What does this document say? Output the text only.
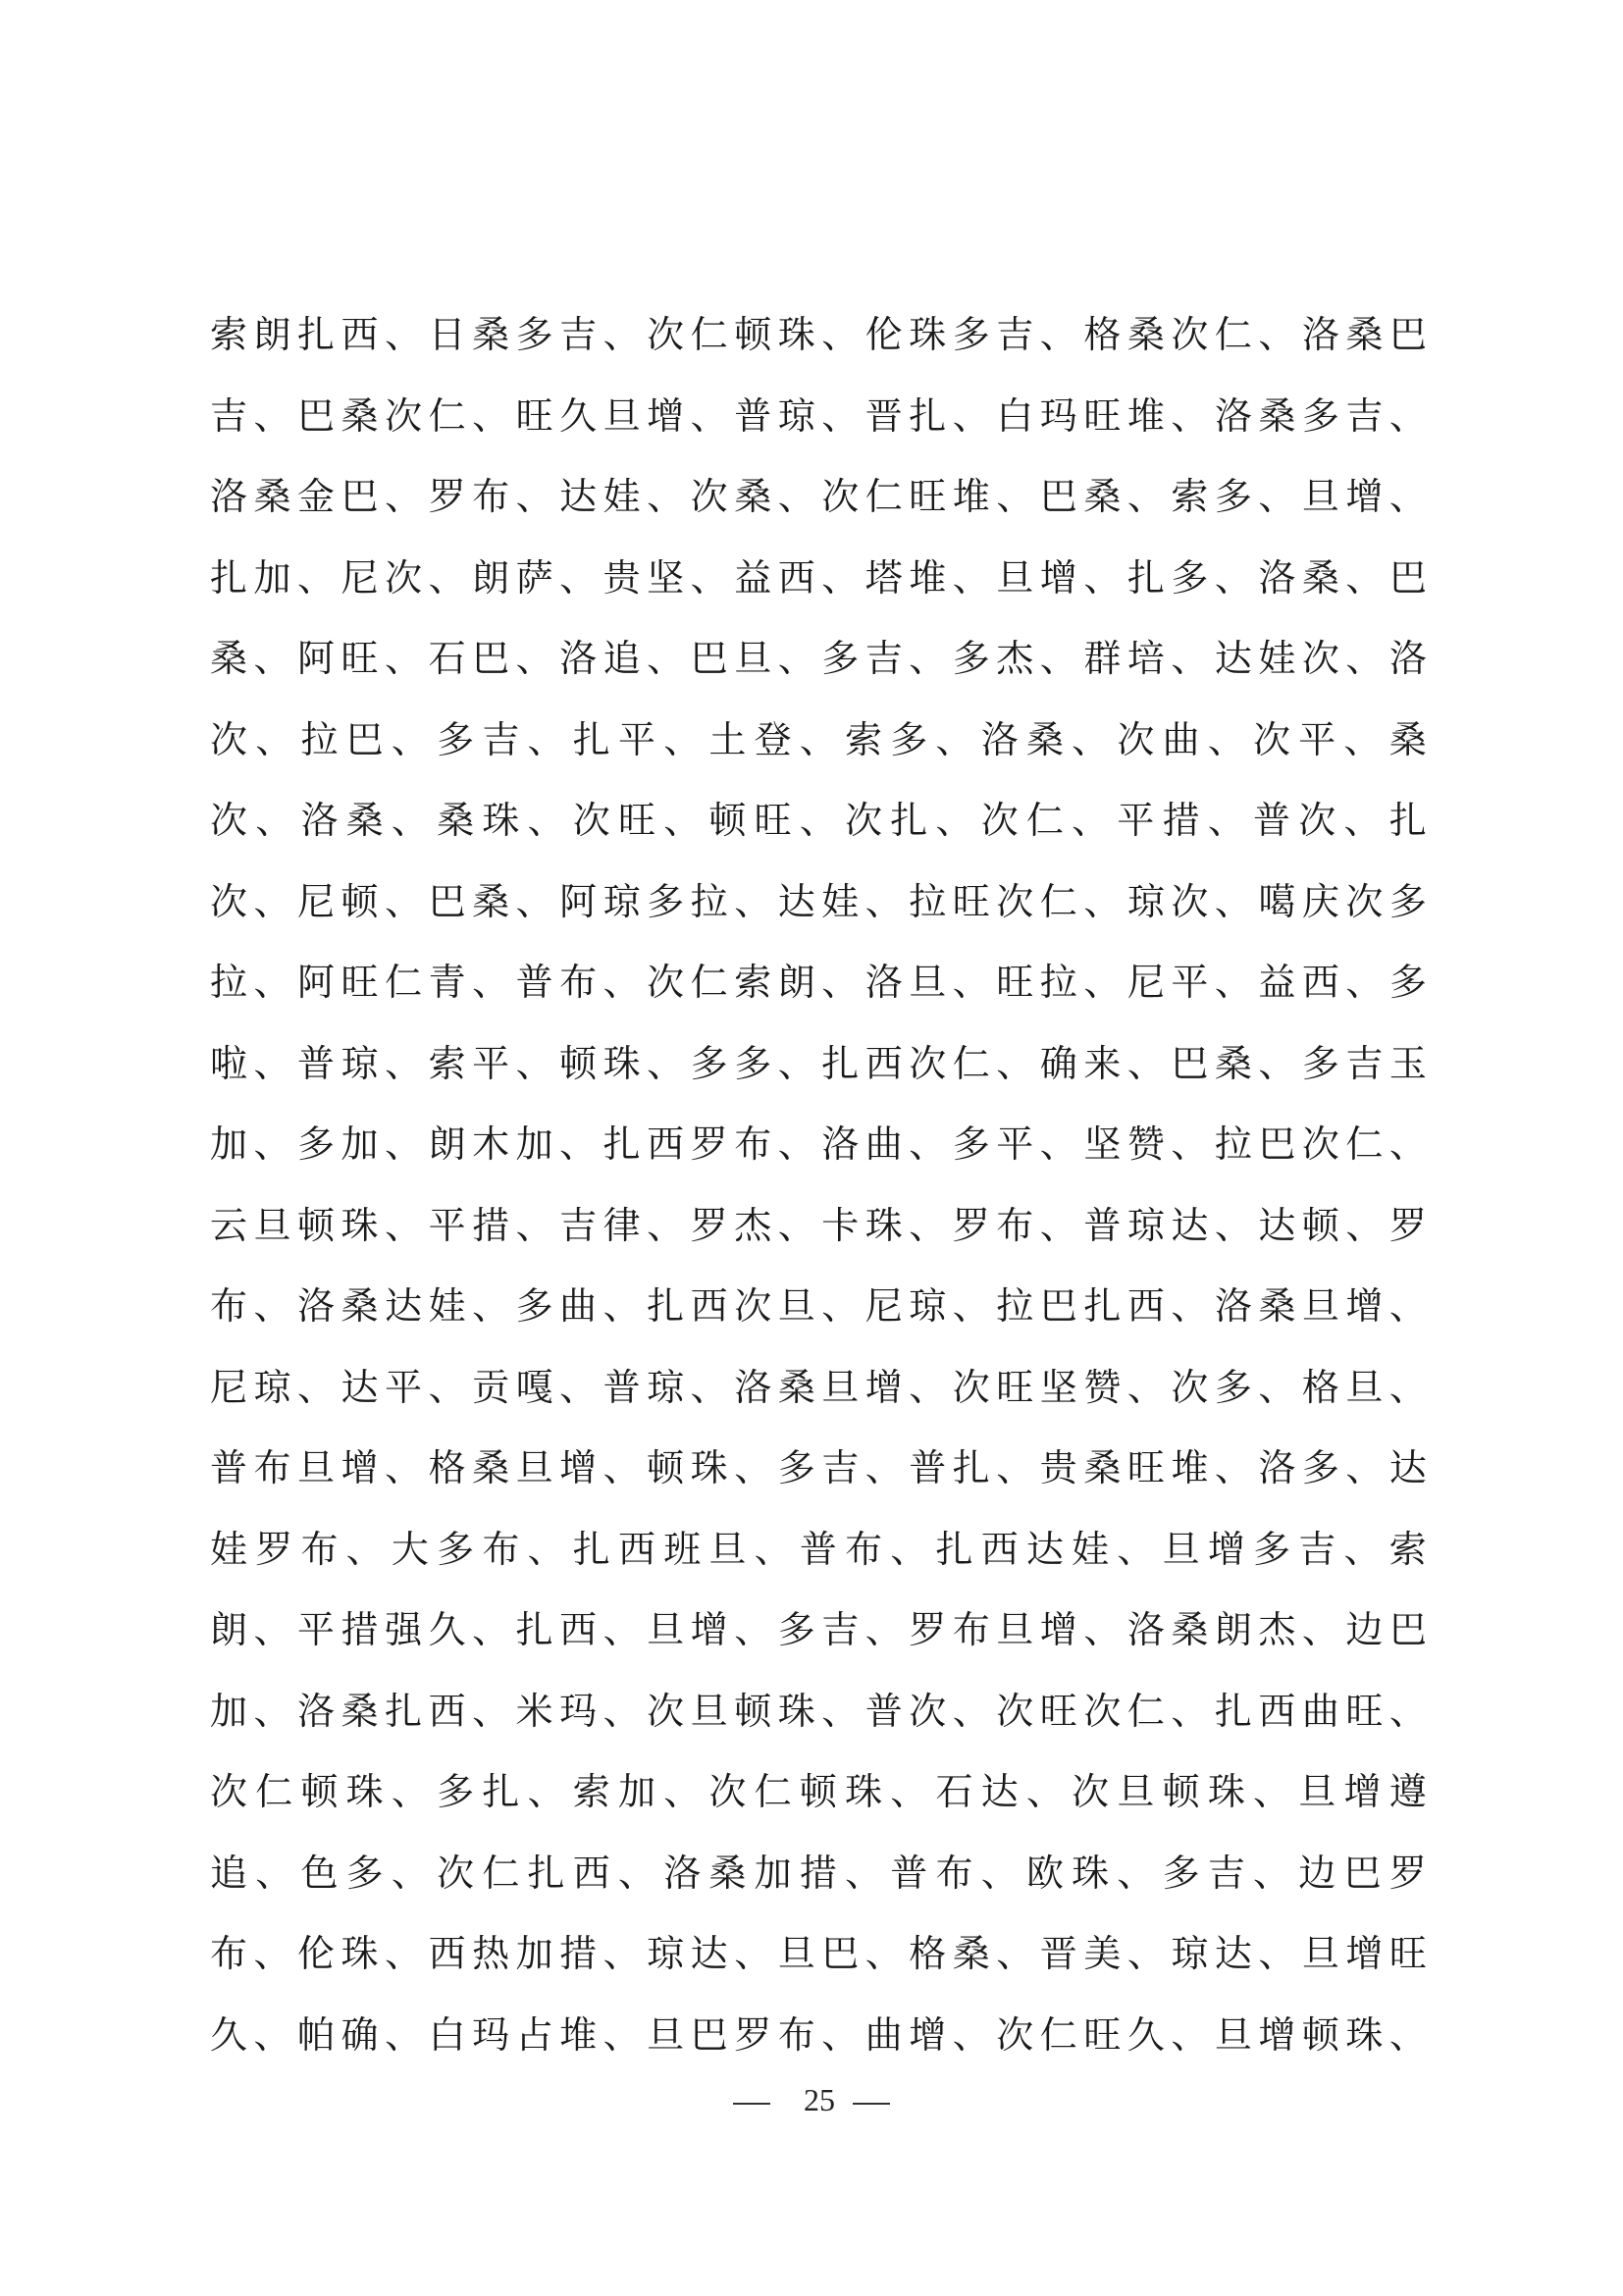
索 朗 扎 西 、 日 桑 多 吉 、 次 仁 顿 珠 、 伦 珠 多 吉 、 格 桑 次 仁 、 洛 桑 巴
吉 、 巴 桑 次 仁 、 旺 久 旦 增 、 普 琼 、 晋 扎 、 白 玛 旺 堆 、 洛 桑 多 吉 、
洛 桑 金 巴 、 罗 布 、 达 娃 、 次 桑 、 次 仁 旺 堆 、 巴 桑 、 索 多 、 旦 增 、
扎 加 、 尼 次 、 朗 萨 、 贵 坚 、 益 西 、 塔 堆 、 旦 增 、 扎 多 、 洛 桑 、 巴
桑 、 阿 旺 、 石 巴 、 洛 追 、 巴 旦 、 多 吉 、 多 杰 、 群 培 、 达 娃 次 、 洛
次 、 拉 巴 、 多 吉 、 扎 平 、 土 登 、 索 多 、 洛 桑 、 次 曲 、 次 平 、 桑
次 、 洛 桑 、 桑 珠 、 次 旺 、 顿 旺 、 次 扎 、 次 仁 、 平 措 、 普 次 、 扎
次 、 尼 顿 、 巴 桑 、 阿 琼 多 拉 、 达 娃 、 拉 旺 次 仁 、 琼 次 、 噶 庆 次 多
拉 、 阿 旺 仁 青 、 普 布 、 次 仁 索 朗 、 洛 旦 、 旺 拉 、 尼 平 、 益 西 、 多
啦 、 普 琼 、 索 平 、 顿 珠 、 多 多 、 扎 西 次 仁 、 确 来 、 巴 桑 、 多 吉 玉
加 、 多 加 、 朗 木 加 、 扎 西 罗 布 、 洛 曲 、 多 平 、 坚 赞 、 拉 巴 次 仁 、
云 旦 顿 珠 、 平 措 、 吉 律 、 罗 杰 、 卡 珠 、 罗 布 、 普 琼 达 、 达 顿 、 罗
布 、 洛 桑 达 娃 、 多 曲 、 扎 西 次 旦 、 尼 琼 、 拉 巴 扎 西 、 洛 桑 旦 增 、
尼 琼 、 达 平 、 贡 嘎 、 普 琼 、 洛 桑 旦 增 、 次 旺 坚 赞 、 次 多 、 格 旦 、
普 布 旦 增 、 格 桑 旦 增 、 顿 珠 、 多 吉 、 普 扎 、 贵 桑 旺 堆 、 洛 多 、 达
娃 罗 布 、 大 多 布 、 扎 西 班 旦 、 普 布 、 扎 西 达 娃 、 旦 增 多 吉 、 索
朗 、 平 措 强 久 、 扎 西 、 旦 增 、 多 吉 、 罗 布 旦 增 、 洛 桑 朗 杰 、 边 巴
加 、 洛 桑 扎 西 、 米 玛 、 次 旦 顿 珠 、 普 次 、 次 旺 次 仁 、 扎 西 曲 旺 、
次 仁 顿 珠 、 多 扎 、 索 加 、 次 仁 顿 珠 、 石 达 、 次 旦 顿 珠 、 旦 增 遵
追 、 色 多 、 次 仁 扎 西 、 洛 桑 加 措 、 普 布 、 欧 珠 、 多 吉 、 边 巴 罗
布 、 伦 珠 、 西 热 加 措 、 琼 达 、 旦 巴 、 格 桑 、 晋 美 、 琼 达 、 旦 增 旺
久 、 帕 确 、 白 玛 占 堆 、 旦 巴 罗 布 、 曲 增 、 次 仁 旺 久 、 旦 增 顿 珠 、
25
